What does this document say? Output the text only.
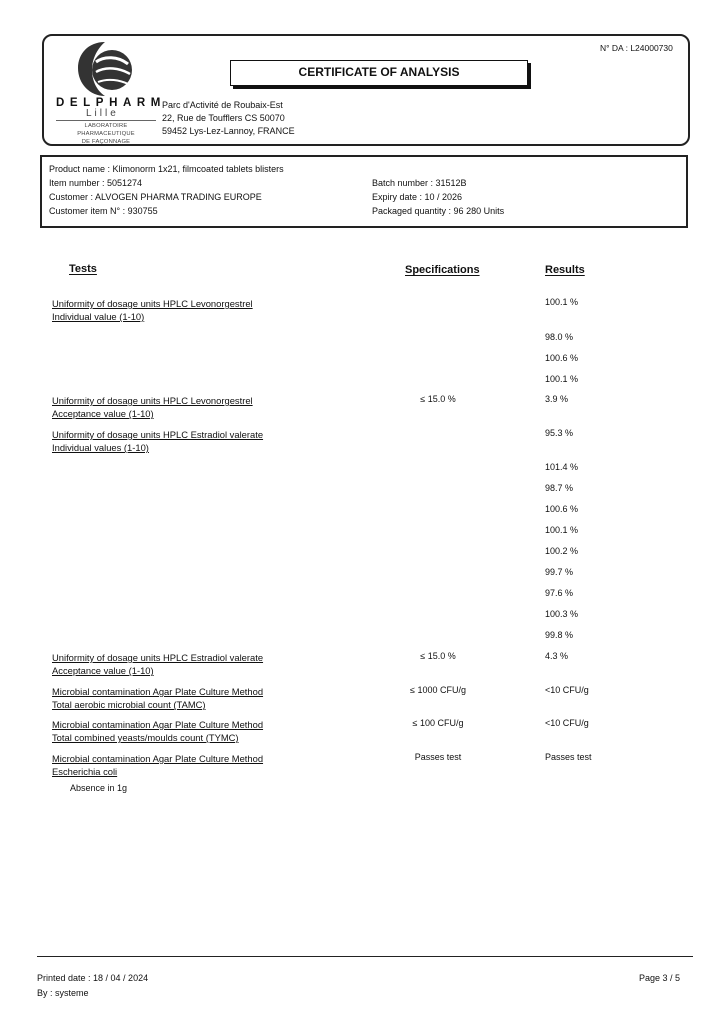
N° DA : L24000730
CERTIFICATE OF ANALYSIS
DELPHARM
Lille
LABORATOIRE PHARMACEUTIQUE
DE FAÇONNAGE
Parc d'Activité de Roubaix-Est
22, Rue de Toufflers CS 50070
59452 Lys-Lez-Lannoy, FRANCE
Product name : Klimonorm 1x21, filmcoated tablets blisters
Item number : 5051274
Customer : ALVOGEN PHARMA TRADING EUROPE
Customer item N° : 930755
Batch number : 31512B
Expiry date : 10 / 2026
Packaged quantity : 96 280 Units
Tests	Specifications	Results
Uniformity of dosage units HPLC Levonorgestrel
Individual value (1-10)
100.1 %
98.0 %
100.6 %
100.1 %
Uniformity of dosage units HPLC Levonorgestrel
Acceptance value (1-10)
≤ 15.0 %	3.9 %
Uniformity of dosage units HPLC Estradiol valerate
Individual values (1-10)
95.3 %
101.4 %
98.7 %
100.6 %
100.1 %
100.2 %
99.7 %
97.6 %
100.3 %
99.8 %
Uniformity of dosage units HPLC Estradiol valerate
Acceptance value (1-10)
≤ 15.0 %	4.3 %
Microbial contamination Agar Plate Culture Method
Total aerobic microbial count (TAMC)
≤ 1000 CFU/g	<10 CFU/g
Microbial contamination Agar Plate Culture Method
Total combined yeasts/moulds count (TYMC)
≤ 100 CFU/g	<10 CFU/g
Microbial contamination Agar Plate Culture Method
Escherichia coli
Passes test	Passes test
Absence in 1g
Printed date : 18 / 04 / 2024
By : systeme
Page 3 / 5
